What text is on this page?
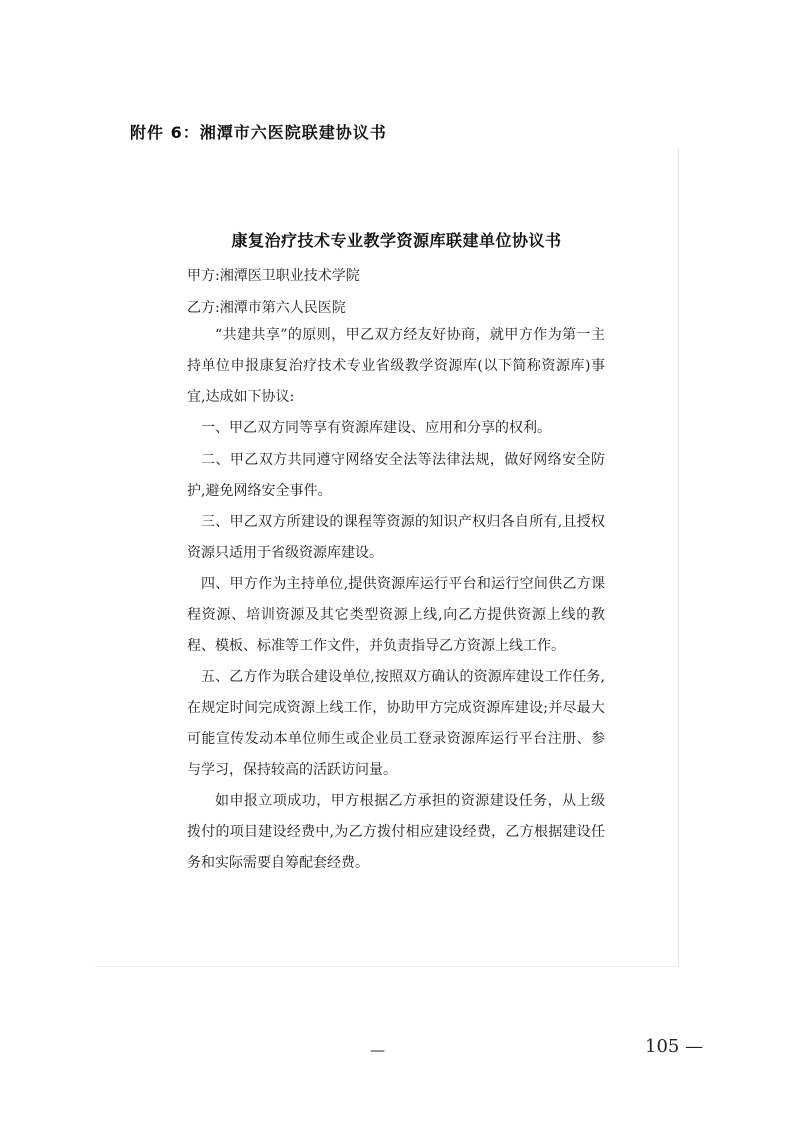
附件 6：湘潭市六医院联建协议书
康复治疗技术专业教学资源库联建单位协议书
甲方:湘潭医卫职业技术学院
乙方:湘潭市第六人民医院
“共建共享”的原则，甲乙双方经友好协商，就甲方作为第一主持单位申报康复治疗技术专业省级教学资源库(以下简称资源库)事宜,达成如下协议:
一、甲乙双方同等享有资源库建设、应用和分享的权利。
二、甲乙双方共同遵守网络安全法等法律法规，做好网络安全防护,避免网络安全事件。
三、甲乙双方所建设的课程等资源的知识产权归各自所有,且授权资源只适用于省级资源库建设。
四、甲方作为主持单位,提供资源库运行平台和运行空间供乙方课程资源、培训资源及其它类型资源上线,向乙方提供资源上线的教程、模板、标准等工作文件，并负责指导乙方资源上线工作。
五、乙方作为联合建设单位,按照双方确认的资源库建设工作任务,在规定时间完成资源上线工作，协助甲方完成资源库建设;并尽最大可能宣传发动本单位师生或企业员工登录资源库运行平台注册、参与学习，保持较高的活跃访问量。
如申报立项成功，甲方根据乙方承担的资源建设任务，从上级拨付的项目建设经费中,为乙方拨付相应建设经费，乙方根据建设任务和实际需要自筹配套经费。
—	105 —
